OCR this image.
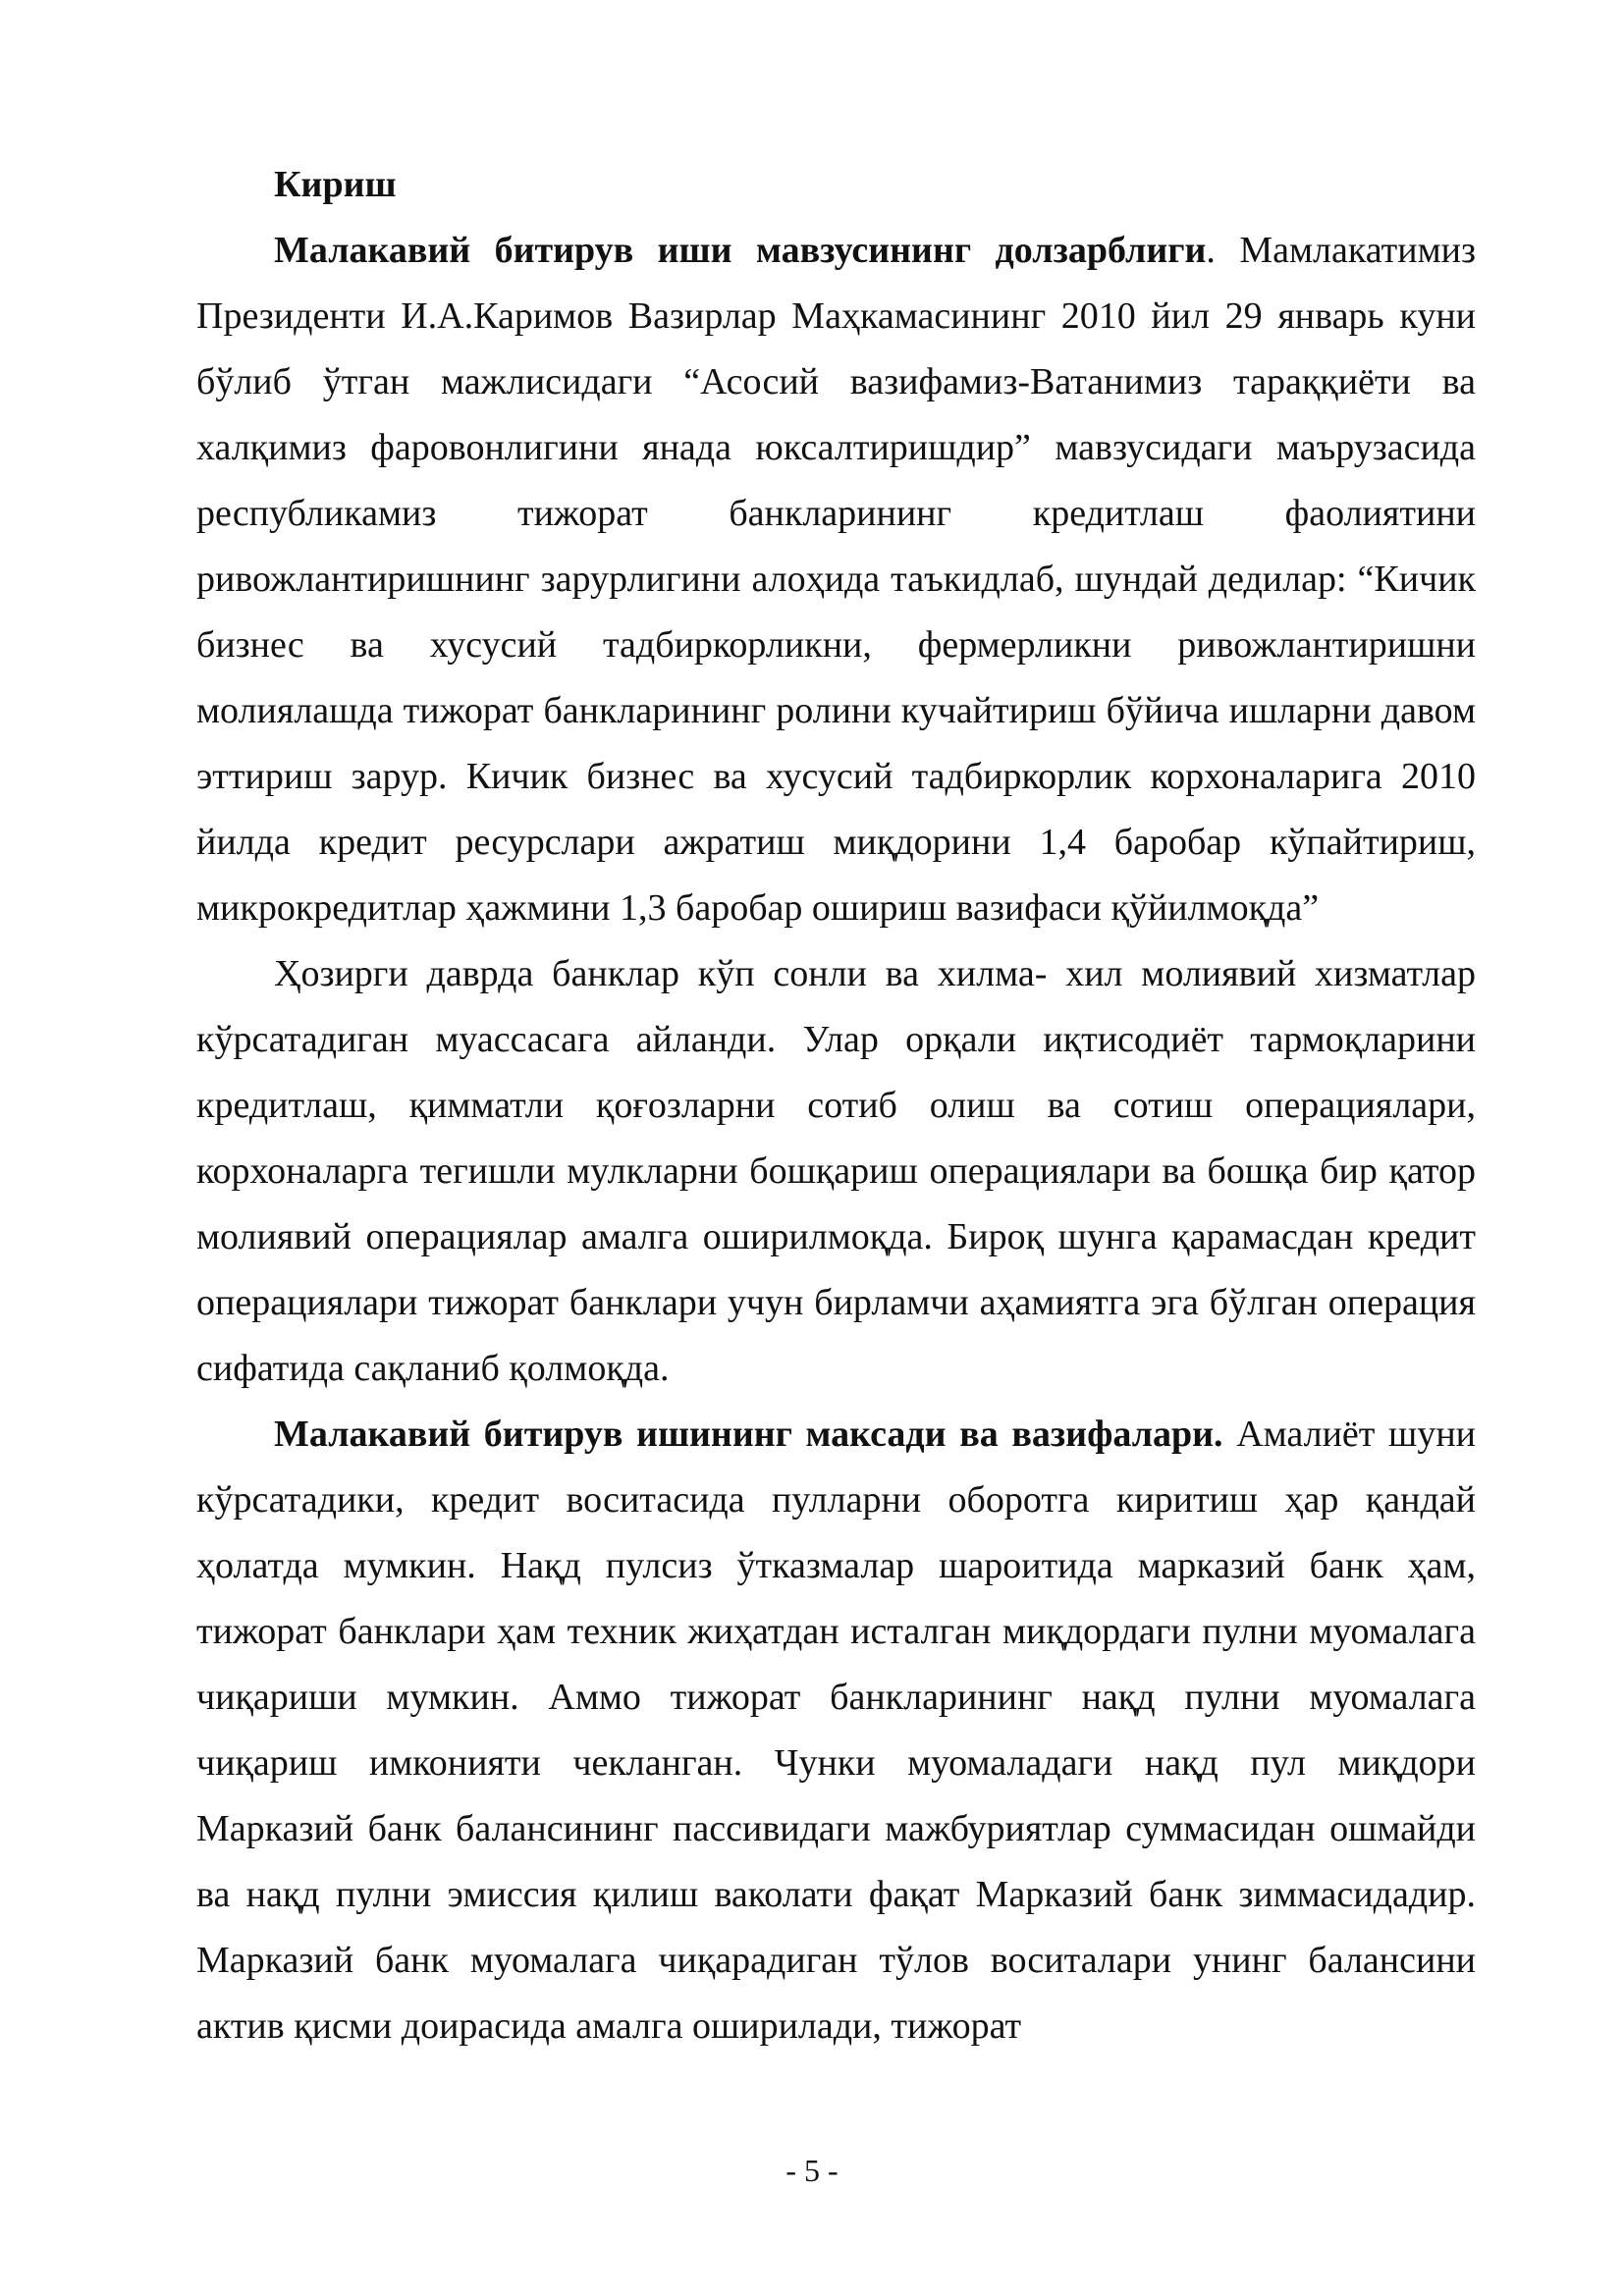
Кириш

Малакавий битирув иши мавзусининг долзарблиги. Мамлакатимиз Президенти И.А.Каримов Вазирлар Маҳкамасининг 2010 йил 29 январь куни бўлиб ўтган мажлисидаги “Асосий вазифамиз-Ватанимиз тараққиёти ва халқимиз фаровонлигини янада юксалтиришдир” мавзусидаги маърузасида республикамиз тижорат банкларининг кредитлаш фаолиятини ривожлантиришнинг зарурлигини алоҳида таъкидлаб, шундай дедилар: “Кичик бизнес ва хусусий тадбиркорликни, фермерликни ривожлантиришни молиялашда тижорат банкларининг ролини кучайтириш бўйича ишларни давом эттириш зарур. Кичик бизнес ва хусусий тадбиркорлик корхоналарига 2010 йилда кредит ресурслари ажратиш миқдорини 1,4 баробар кўпайтириш, микрокредитлар ҳажмини 1,3 баробар ошириш вазифаси қўйилмоқда”

Ҳозирги даврда банклар кўп сонли ва хилма- хил молиявий хизматлар кўрсатадиган муассасага айланди. Улар орқали иқтисодиёт тармоқларини кредитлаш, қимматли қоғозларни сотиб олиш ва сотиш операциялари, корхоналарга тегишли мулкларни бошқариш операциялари ва бошқа бир қатор молиявий операциялар амалга оширилмоқда. Бироқ шунга қарамасдан кредит операциялари тижорат банклари учун бирламчи аҳамиятга эга бўлган операция сифатида сақланиб қолмоқда.

Малакавий битирув ишининг максади ва вазифалари. Амалиёт шуни кўрсатадики, кредит воситасида пулларни оборотга киритиш ҳар қандай ҳолатда мумкин. Нақд пулсиз ўтказмалар шароитида марказий банк ҳам, тижорат банклари ҳам техник жиҳатдан исталган миқдордаги пулни муомалага чиқариши мумкин. Аммо тижорат банкларининг нақд пулни муомалага чиқариш имконияти чекланган. Чунки муомаладаги нақд пул миқдори Марказий банк балансининг пассивидаги мажбуриятлар суммасидан ошмайди ва нақд пулни эмиссия қилиш ваколати фақат Марказий банк зиммасидадир. Марказий банк муомалага чиқарадиган тўлов воситалари унинг балансини актив қисми доирасида амалга оширилади, тижорат

- 5 -
